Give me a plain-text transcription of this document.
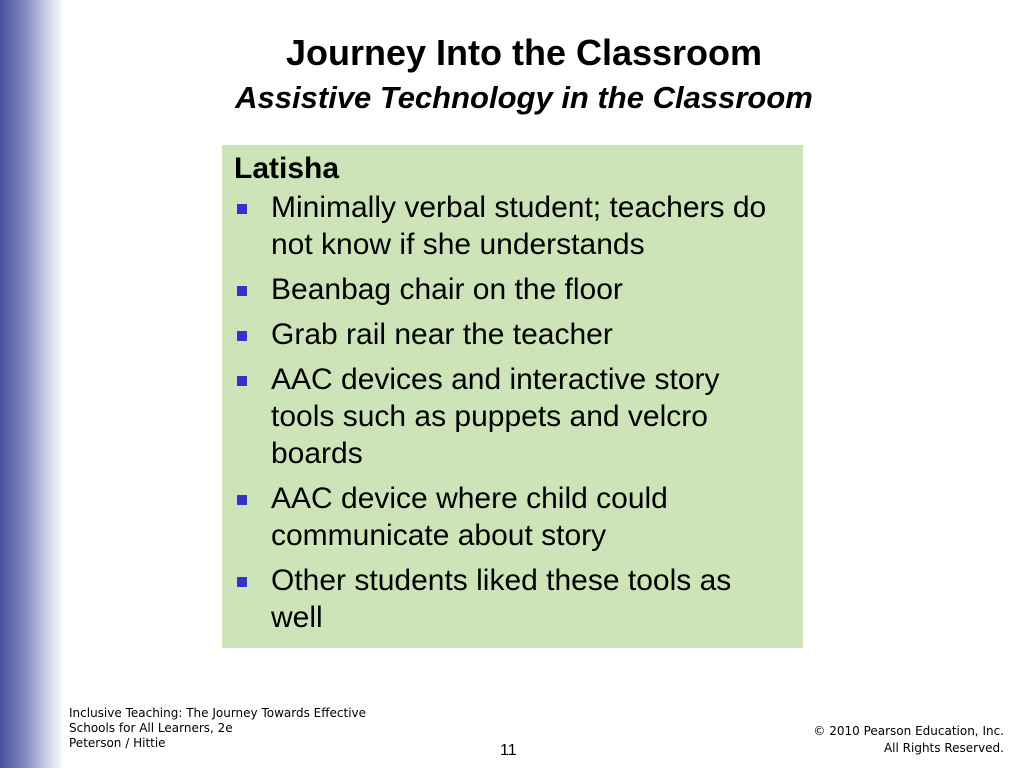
Journey Into the Classroom
Assistive Technology in the Classroom
Latisha
Minimally verbal student; teachers do not know if she understands
Beanbag chair on the floor
Grab rail near the teacher
AAC devices and interactive story tools such as puppets and velcro boards
AAC device where child could communicate about story
Other students liked these tools as well
Inclusive Teaching: The Journey Towards Effective
Schools for All Learners, 2e
Peterson / Hittie	11
© 2010 Pearson Education, Inc.
All Rights Reserved.
